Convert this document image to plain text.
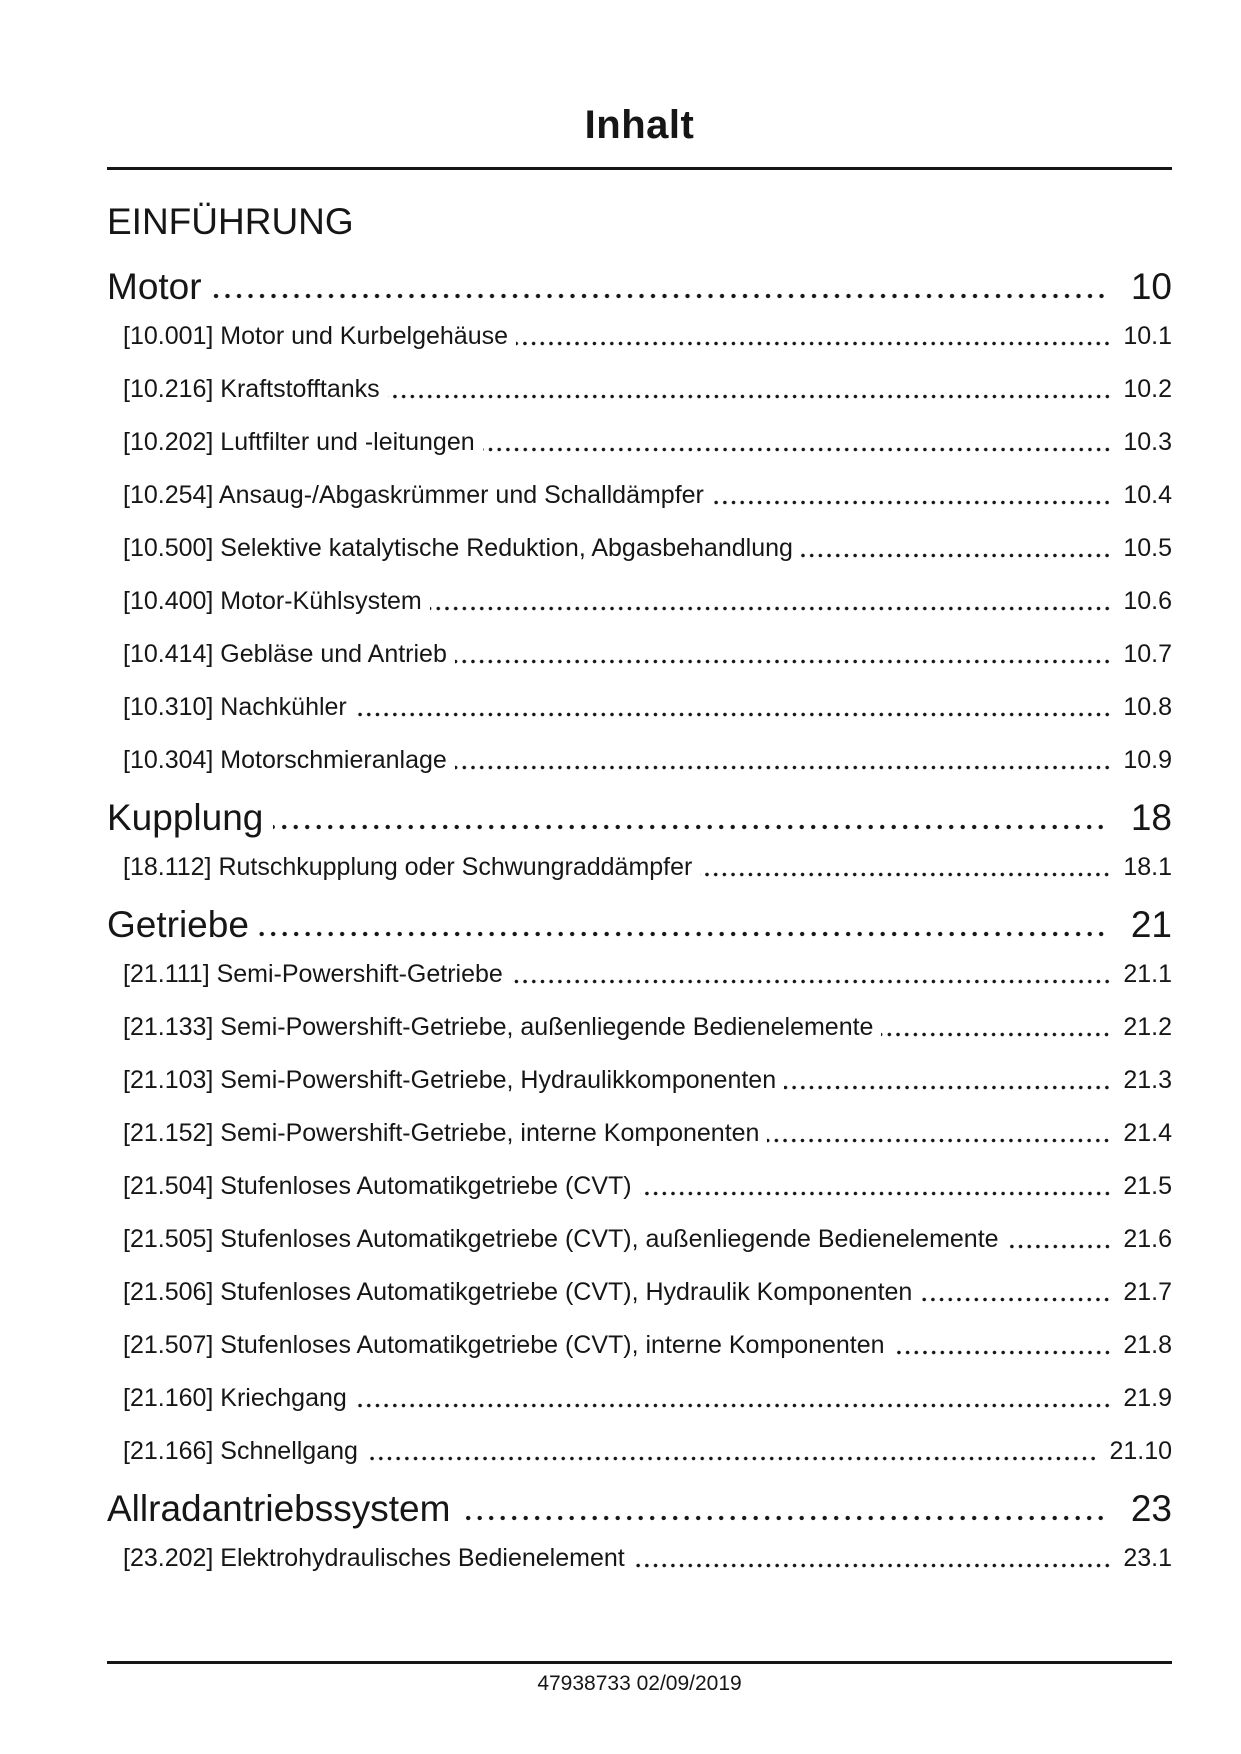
Inhalt
EINFÜHRUNG
Motor	10
[10.001] Motor und Kurbelgehäuse	10.1
[10.216] Kraftstofftanks	10.2
[10.202] Luftfilter und -leitungen	10.3
[10.254] Ansaug-/Abgaskrümmer und Schalldämpfer	10.4
[10.500] Selektive katalytische Reduktion, Abgasbehandlung	10.5
[10.400] Motor-Kühlsystem	10.6
[10.414] Gebläse und Antrieb	10.7
[10.310] Nachkühler	10.8
[10.304] Motorschmieranlage	10.9
Kupplung	18
[18.112] Rutschkupplung oder Schwungraddämpfer	18.1
Getriebe	21
[21.111] Semi-Powershift-Getriebe	21.1
[21.133] Semi-Powershift-Getriebe, außenliegende Bedienelemente	21.2
[21.103] Semi-Powershift-Getriebe, Hydraulikkomponenten	21.3
[21.152] Semi-Powershift-Getriebe, interne Komponenten	21.4
[21.504] Stufenloses Automatikgetriebe (CVT)	21.5
[21.505] Stufenloses Automatikgetriebe (CVT), außenliegende Bedienelemente	21.6
[21.506] Stufenloses Automatikgetriebe (CVT), Hydraulik Komponenten	21.7
[21.507] Stufenloses Automatikgetriebe (CVT), interne Komponenten	21.8
[21.160] Kriechgang	21.9
[21.166] Schnellgang	21.10
Allradantriebssystem	23
[23.202] Elektrohydraulisches Bedienelement	23.1
47938733 02/09/2019
